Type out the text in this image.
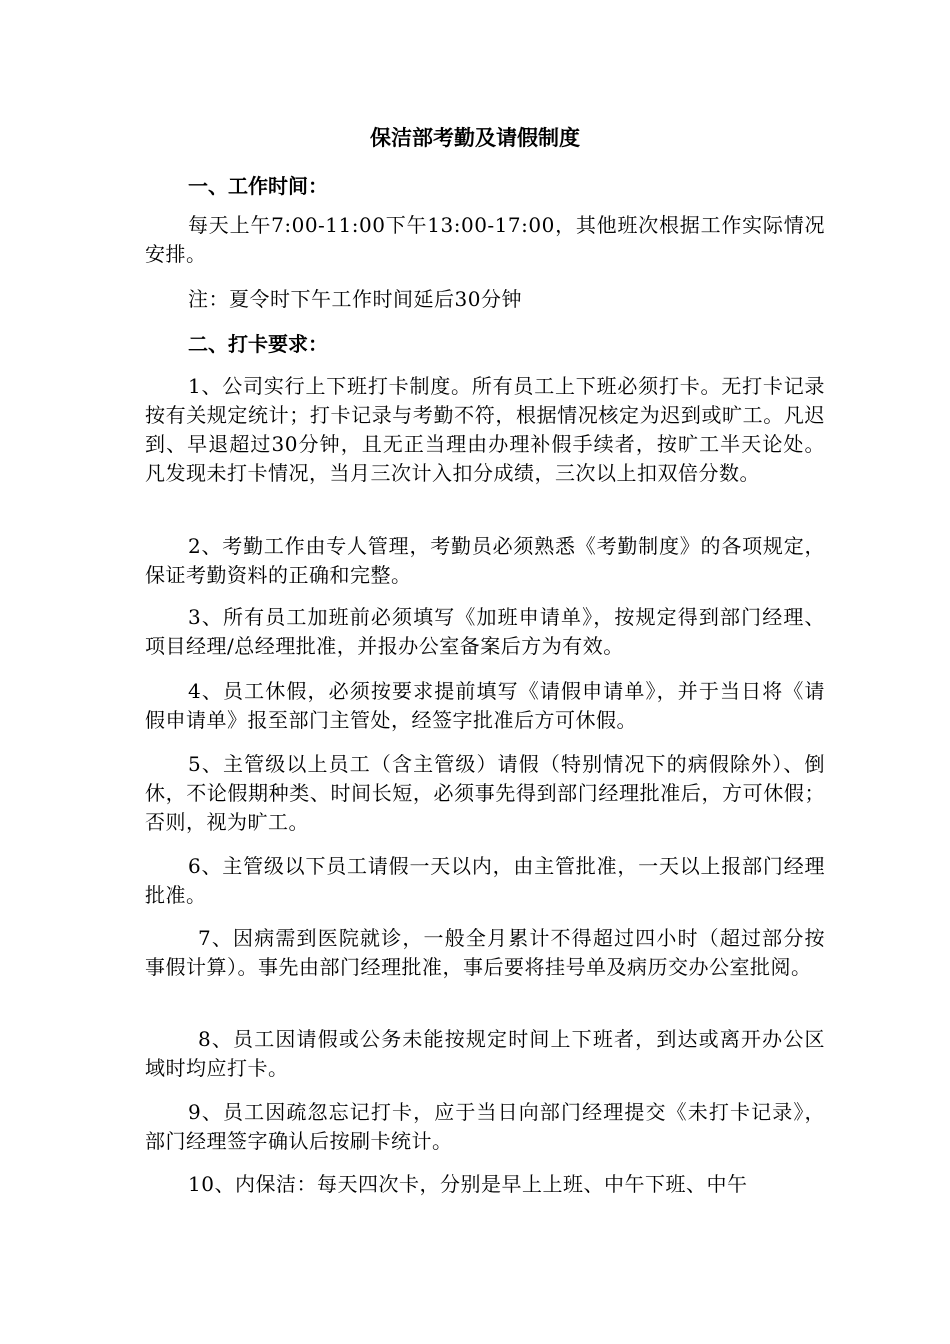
保洁部考勤及请假制度
一、工作时间：

每天上午7:00-11:00下午13:00-17:00，其他班次根据工作实际情况安排。

注：夏令时下午工作时间延后30分钟

二、打卡要求：

1、公司实行上下班打卡制度。所有员工上下班必须打卡。无打卡记录按有关规定统计；打卡记录与考勤不符，根据情况核定为迟到或旷工。凡迟到、早退超过30分钟，且无正当理由办理补假手续者，按旷工半天论处。凡发现未打卡情况，当月三次计入扣分成绩，三次以上扣双倍分数。

2、考勤工作由专人管理，考勤员必须熟悉《考勤制度》的各项规定，保证考勤资料的正确和完整。

3、所有员工加班前必须填写《加班申请单》，按规定得到部门经理、项目经理/总经理批准，并报办公室备案后方为有效。

4、员工休假，必须按要求提前填写《请假申请单》，并于当日将《请假申请单》报至部门主管处，经签字批准后方可休假。

5、主管级以上员工（含主管级）请假（特别情况下的病假除外）、倒休，不论假期种类、时间长短，必须事先得到部门经理批准后，方可休假；否则，视为旷工。

6、主管级以下员工请假一天以内，由主管批准，一天以上报部门经理批准。

7、因病需到医院就诊，一般全月累计不得超过四小时（超过部分按事假计算）。事先由部门经理批准，事后要将挂号单及病历交办公室批阅。

8、员工因请假或公务未能按规定时间上下班者，到达或离开办公区域时均应打卡。

9、员工因疏忽忘记打卡，应于当日向部门经理提交《未打卡记录》，部门经理签字确认后按刷卡统计。

10、内保洁：每天四次卡，分别是早上上班、中午下班、中午
